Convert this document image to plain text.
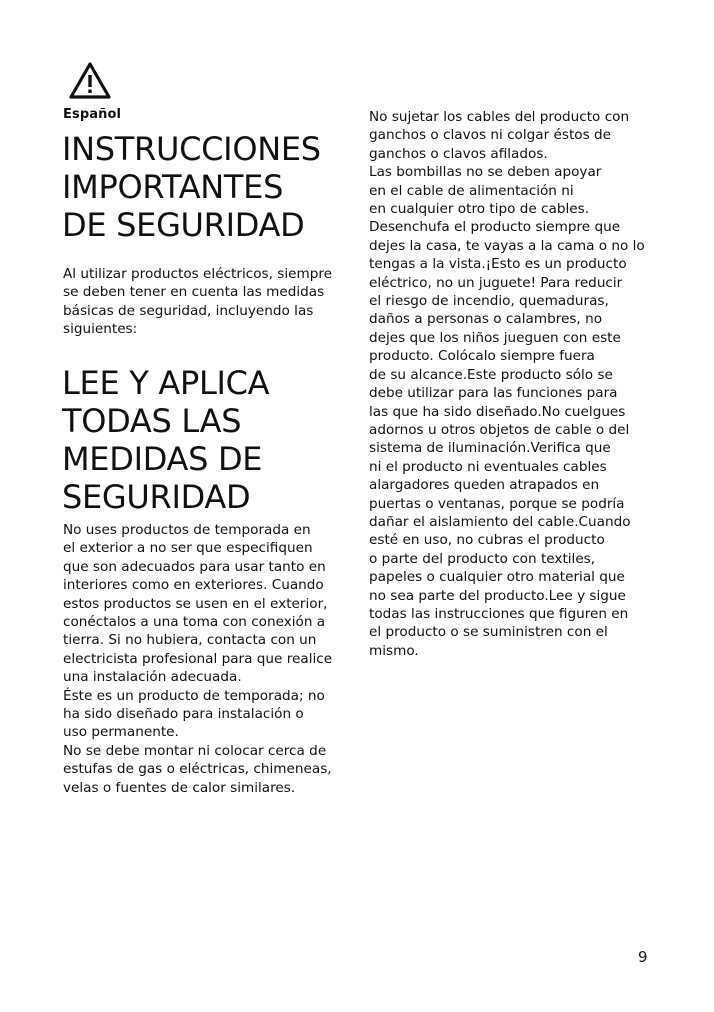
Español
INSTRUCCIONES
IMPORTANTES
DE SEGURIDAD

Al utilizar productos eléctricos, siempre
se deben tener en cuenta las medidas
básicas de seguridad, incluyendo las
siguientes:

LEE Y APLICA
TODAS LAS
MEDIDAS DE
SEGURIDAD

No uses productos de temporada en
el exterior a no ser que especifiquen
que son adecuados para usar tanto en
interiores como en exteriores. Cuando
estos productos se usen en el exterior,
conéctalos a una toma con conexión a
tierra. Si no hubiera, contacta con un
electricista profesional para que realice
una instalación adecuada.
Éste es un producto de temporada; no
ha sido diseñado para instalación o
uso permanente.
No se debe montar ni colocar cerca de
estufas de gas o eléctricas, chimeneas,
velas o fuentes de calor similares.

No sujetar los cables del producto con
ganchos o clavos ni colgar éstos de
ganchos o clavos afilados.
Las bombillas no se deben apoyar
en el cable de alimentación ni
en cualquier otro tipo de cables.
Desenchufa el producto siempre que
dejes la casa, te vayas a la cama o no lo
tengas a la vista.¡Esto es un producto
eléctrico, no un juguete! Para reducir
el riesgo de incendio, quemaduras,
daños a personas o calambres, no
dejes que los niños jueguen con este
producto. Colócalo siempre fuera
de su alcance.Este producto sólo se
debe utilizar para las funciones para
las que ha sido diseñado.No cuelgues
adornos u otros objetos de cable o del
sistema de iluminación.Verifica que
ni el producto ni eventuales cables
alargadores queden atrapados en
puertas o ventanas, porque se podría
dañar el aislamiento del cable.Cuando
esté en uso, no cubras el producto
o parte del producto con textiles,
papeles o cualquier otro material que
no sea parte del producto.Lee y sigue
todas las instrucciones que figuren en
el producto o se suministren con el
mismo.

9
